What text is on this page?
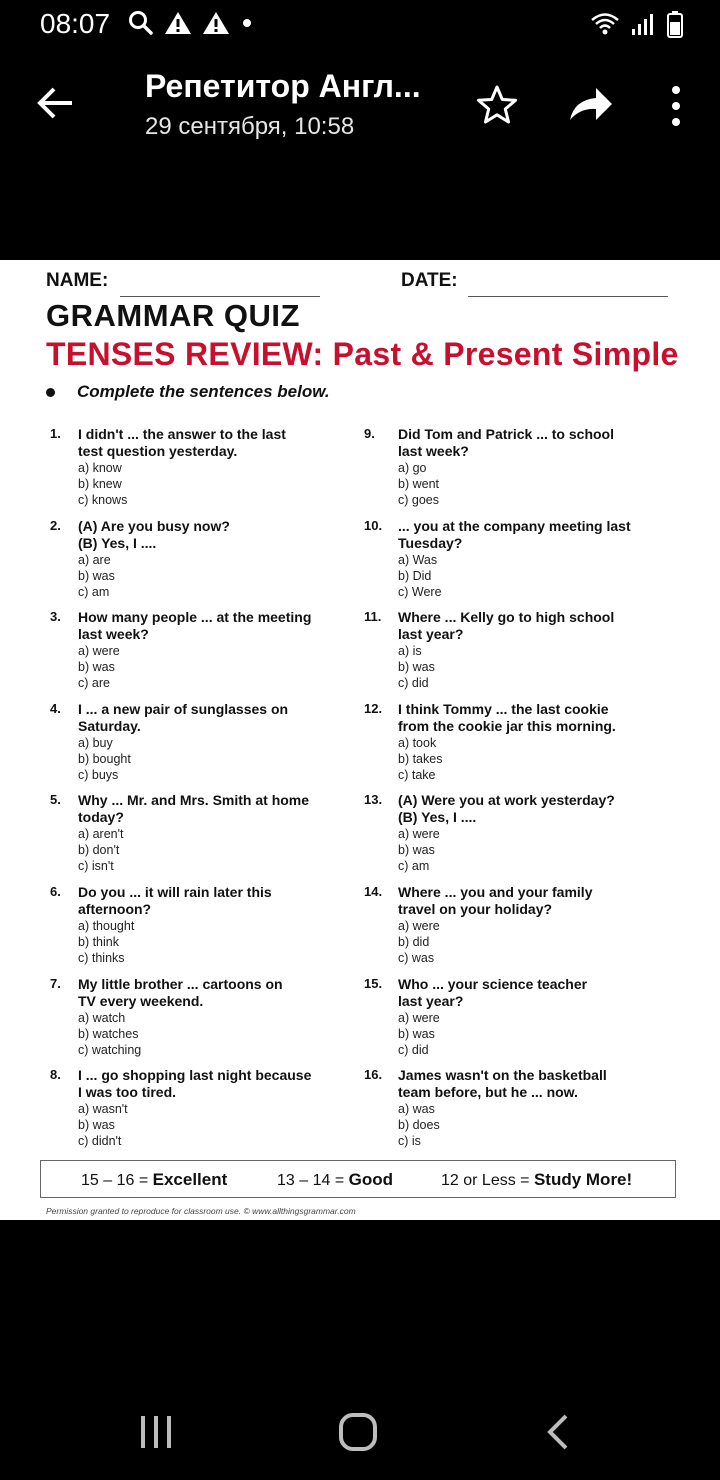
08:07
Репетитор Англ...
29 сентября, 10:58
NAME:	DATE:
GRAMMAR QUIZ
TENSES REVIEW: Past & Present Simple
Complete the sentences below.
1.	I didn't ... the answer to the last
test question yesterday.
a) know
b) knew
c) knows
2.	(A) Are you busy now?
(B) Yes, I ....
a) are
b) was
c) am
3.	How many people ... at the meeting
last week?
a) were
b) was
c) are
4.	I ... a new pair of sunglasses on
Saturday.
a) buy
b) bought
c) buys
5.	Why ... Mr. and Mrs. Smith at home
today?
a) aren't
b) don't
c) isn't
6.	Do you ... it will rain later this
afternoon?
a) thought
b) think
c) thinks
7.	My little brother ... cartoons on
TV every weekend.
a) watch
b) watches
c) watching
8.	I ... go shopping last night because
I was too tired.
a) wasn't
b) was
c) didn't
9.	Did Tom and Patrick ... to school
last week?
a) go
b) went
c) goes
10.	... you at the company meeting last
Tuesday?
a) Was
b) Did
c) Were
11.	Where ... Kelly go to high school
last year?
a) is
b) was
c) did
12.	I think Tommy ... the last cookie
from the cookie jar this morning.
a) took
b) takes
c) take
13.	(A) Were you at work yesterday?
(B) Yes, I ....
a) were
b) was
c) am
14.	Where ... you and your family
travel on your holiday?
a) were
b) did
c) was
15.	Who ... your science teacher
last year?
a) were
b) was
c) did
16.	James wasn't on the basketball
team before, but he ... now.
a) was
b) does
c) is
15 – 16 = Excellent	13 – 14 = Good	12 or Less = Study More!
Permission granted to reproduce for classroom use. © www.allthingsgrammar.com
